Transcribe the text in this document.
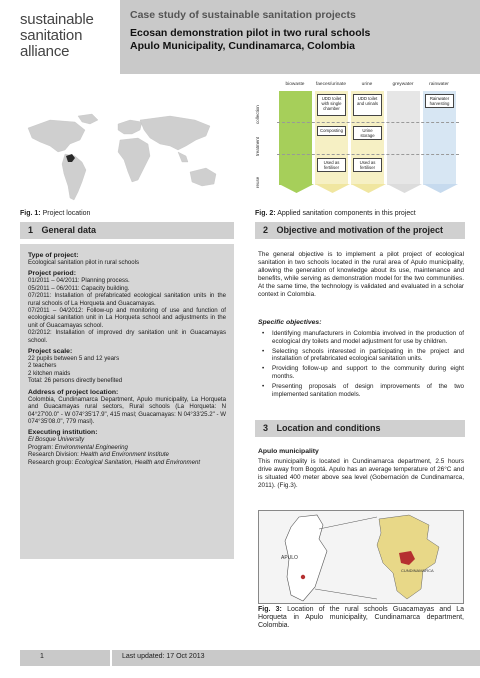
sustainable
sanitation
alliance
Case study of sustainable sanitation projects
Ecosan demonstration pilot in two rural schools
Apulo Municipality, Cundinamarca, Colombia
Fig. 1: Project location
biowaste	faeces/urinate	urine	greywater	rainwater
collection
treatment
reuse
UDD toilet with single chamber
UDD toilet and urinals
Rainwater harvesting
Composting	Urine storage
Used as fertiliser
Used as fertiliser
Fig. 2: Applied sanitation components in this project
1 General data
Type of project:
Ecological sanitation pilot in rural schools
Project period:
01/2011 – 04/2011: Planning process.
05/2011 – 06/2011: Capacity building.
07/2011: Installation of prefabricated ecological sanitation units in the rural schools of La Horqueta and Guacamayas.
07/2011 – 04/2012: Follow-up and monitoring of use and function of ecological sanitation unit in La Horqueta school and adjustments in the unit of Guacamayas school.
02/2012: Installation of improved dry sanitation unit in Guacamayas school.
Project scale:
22 pupils between 5 and 12 years
2 teachers
2 kitchen maids
Total: 26 persons directly benefited
Address of project location:
Colombia, Cundinamarca Department, Apulo municipality, La Horqueta and Guacamayas rural sectors, Rural schools (La Horqueta: N 04°27'00.0" - W 074°35'17.9", 415 masl; Guacamayas: N 04°33'25.2" - W 074°35'08.0", 779 masl).
Executing institution:
El Bosque University
Program: Environmental Engineering
Research Division: Health and Environment Institute
Research group: Ecological Sanitation, Health and Environment
2 Objective and motivation of the project
The general objective is to implement a pilot project of ecological sanitation in two schools located in the rural area of Apulo municipality, allowing the generation of knowledge about its use, maintenance and benefits, while serving as demonstration model for the two communities. At the same time, the technology is validated and evaluated in a scholar context in Colombia.
Specific objectives:
• Identifying manufacturers in Colombia involved in the production of ecological dry toilets and model adjustment for use by children.
• Selecting schools interested in participating in the project and installation of prefabricated ecological sanitation units.
• Providing follow-up and support to the community during eight months.
• Presenting proposals of design improvements of the two implemented sanitation models.
3 Location and conditions
Apulo municipality
This municipality is located in Cundinamarca department, 2.5 hours drive away from Bogotá. Apulo has an average temperature of 26°C and is situated 400 meter above sea level (Gobernación de Cundinamarca, 2011). (Fig.3).
APULO
CUNDINAMARCA
Fig. 3: Location of the rural schools Guacamayas and La Horqueta in Apulo municipality, Cundinamarca department, Colombia.
1	Last updated: 17 Oct 2013
